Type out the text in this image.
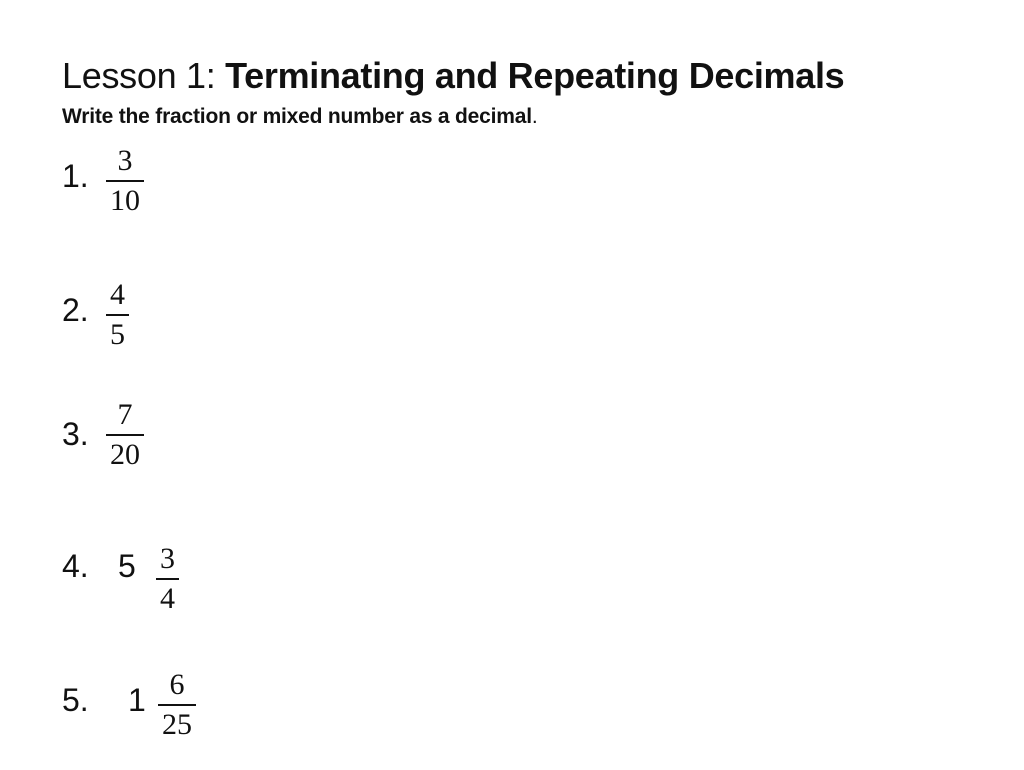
Lesson 1: Terminating and Repeating Decimals
Write the fraction or mixed number as a decimal.
1. 3
10
2. 4
5
3.
7
20
4. 5 3
4
5. 1 6
25
